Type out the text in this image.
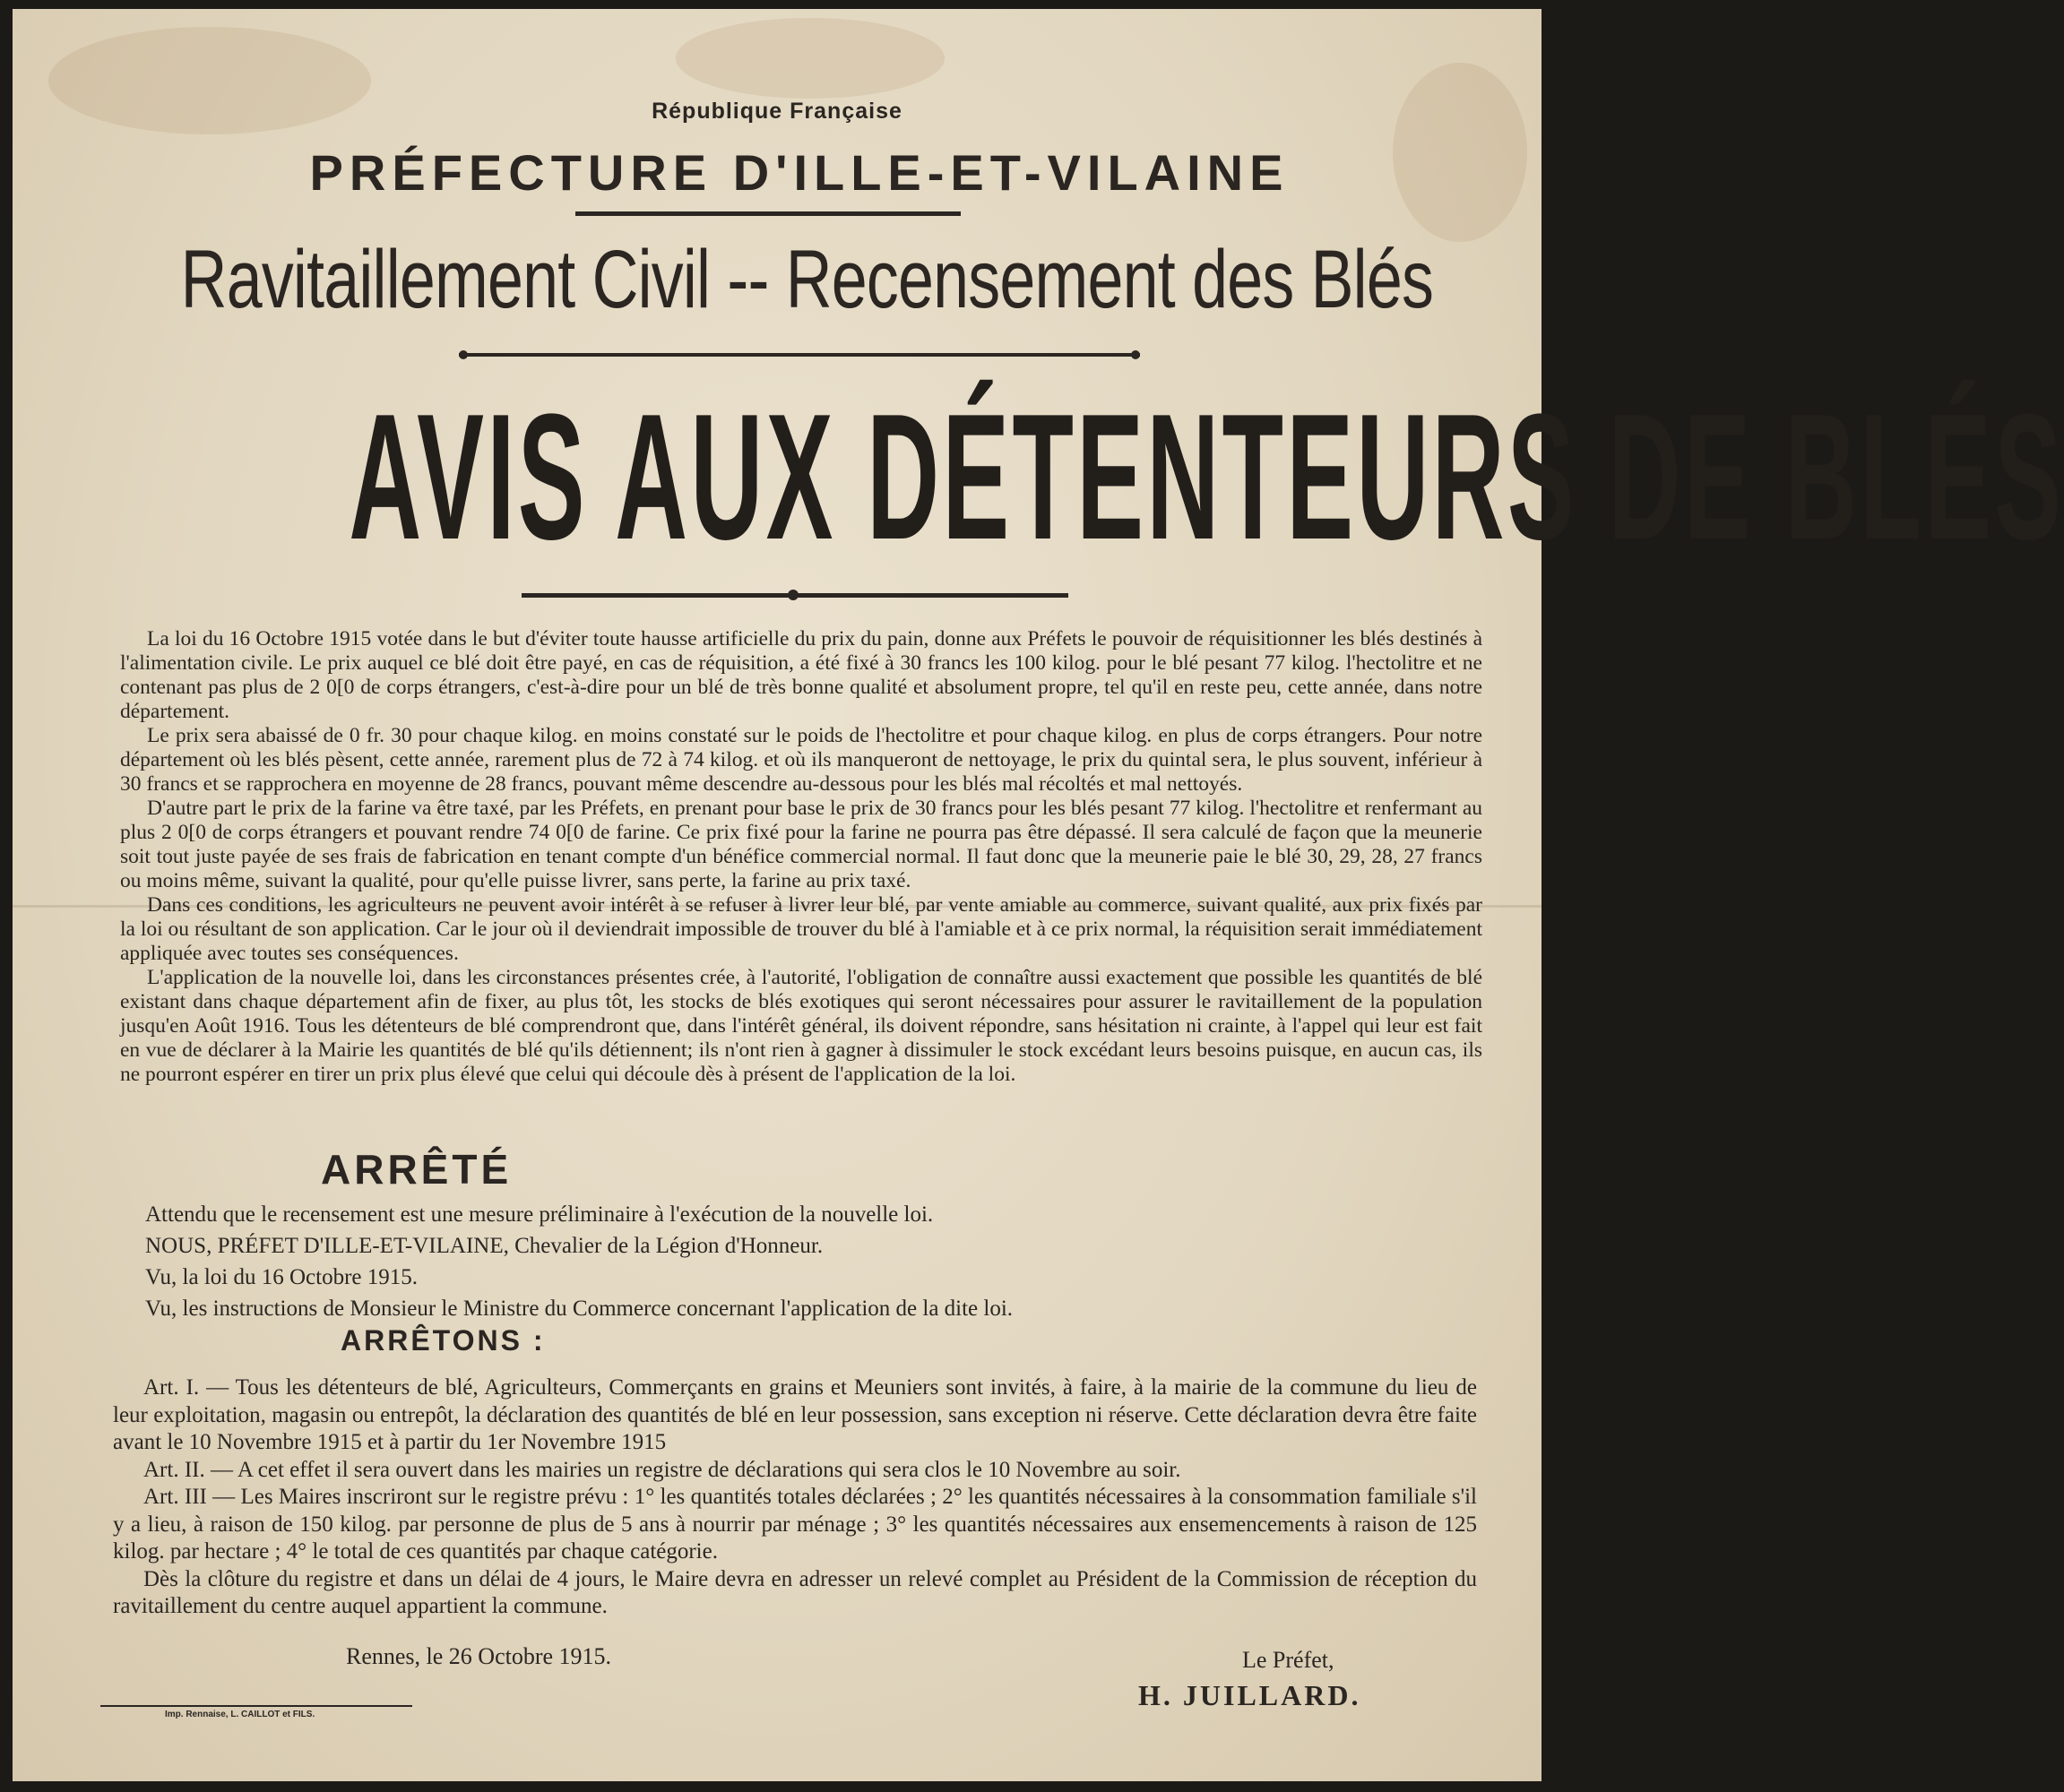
République Française
PRÉFECTURE D'ILLE-ET-VILAINE
Ravitaillement Civil -- Recensement des Blés
AVIS AUX DÉTENTEURS DE BLÉS

La loi du 16 Octobre 1915 votée dans le but d'éviter toute hausse artificielle du prix du pain, donne aux Préfets le pouvoir de réquisitionner les blés destinés à l'alimentation civile. Le prix auquel ce blé doit être payé, en cas de réquisition, a été fixé à 30 francs les 100 kilog. pour le blé pesant 77 kilog. l'hectolitre et ne contenant pas plus de 2 0[0 de corps étrangers, c'est-à-dire pour un blé de très bonne qualité et absolument propre, tel qu'il en reste peu, cette année, dans notre département.

Le prix sera abaissé de 0 fr. 30 pour chaque kilog. en moins constaté sur le poids de l'hectolitre et pour chaque kilog. en plus de corps étrangers. Pour notre département où les blés pèsent, cette année, rarement plus de 72 à 74 kilog. et où ils manqueront de nettoyage, le prix du quintal sera, le plus souvent, inférieur à 30 francs et se rapprochera en moyenne de 28 francs, pouvant même descendre au-dessous pour les blés mal récoltés et mal nettoyés.

D'autre part le prix de la farine va être taxé, par les Préfets, en prenant pour base le prix de 30 francs pour les blés pesant 77 kilog. l'hectolitre et renfermant au plus 2 0[0 de corps étrangers et pouvant rendre 74 0[0 de farine. Ce prix fixé pour la farine ne pourra pas être dépassé. Il sera calculé de façon que la meunerie soit tout juste payée de ses frais de fabrication en tenant compte d'un bénéfice commercial normal. Il faut donc que la meunerie paie le blé 30, 29, 28, 27 francs ou moins même, suivant la qualité, pour qu'elle puisse livrer, sans perte, la farine au prix taxé.

Dans ces conditions, les agriculteurs ne peuvent avoir intérêt à se refuser à livrer leur blé, par vente amiable au commerce, suivant qualité, aux prix fixés par la loi ou résultant de son application. Car le jour où il deviendrait impossible de trouver du blé à l'amiable et à ce prix normal, la réquisition serait immédiatement appliquée avec toutes ses conséquences.

L'application de la nouvelle loi, dans les circonstances présentes crée, à l'autorité, l'obligation de connaître aussi exactement que possible les quantités de blé existant dans chaque département afin de fixer, au plus tôt, les stocks de blés exotiques qui seront nécessaires pour assurer le ravitaillement de la population jusqu'en Août 1916. Tous les détenteurs de blé comprendront que, dans l'intérêt général, ils doivent répondre, sans hésitation ni crainte, à l'appel qui leur est fait en vue de déclarer à la Mairie les quantités de blé qu'ils détiennent; ils n'ont rien à gagner à dissimuler le stock excédant leurs besoins puisque, en aucun cas, ils ne pourront espérer en tirer un prix plus élevé que celui qui découle dès à présent de l'application de la loi.

ARRÊTÉ
Attendu que le recensement est une mesure préliminaire à l'exécution de la nouvelle loi.
NOUS, PRÉFET D'ILLE-ET-VILAINE, Chevalier de la Légion d'Honneur.
Vu, la loi du 16 Octobre 1915.
Vu, les instructions de Monsieur le Ministre du Commerce concernant l'application de la dite loi.
ARRÊTONS :

Art. I. — Tous les détenteurs de blé, Agriculteurs, Commerçants en grains et Meuniers sont invités, à faire, à la mairie de la commune du lieu de leur exploitation, magasin ou entrepôt, la déclaration des quantités de blé en leur possession, sans exception ni réserve. Cette déclaration devra être faite avant le 10 Novembre 1915 et à partir du 1er Novembre 1915

Art. II. — A cet effet il sera ouvert dans les mairies un registre de déclarations qui sera clos le 10 Novembre au soir.

Art. III — Les Maires inscriront sur le registre prévu : 1° les quantités totales déclarées ; 2° les quantités nécessaires à la consommation familiale s'il y a lieu, à raison de 150 kilog. par personne de plus de 5 ans à nourrir par ménage ; 3° les quantités nécessaires aux ensemencements à raison de 125 kilog. par hectare ; 4° le total de ces quantités par chaque catégorie.

Dès la clôture du registre et dans un délai de 4 jours, le Maire devra en adresser un relevé complet au Président de la Commission de réception du ravitaillement du centre auquel appartient la commune.

Rennes, le 26 Octobre 1915.	Le Préfet,
H. JUILLARD.
Imp. Rennaise, L. CAILLOT et FILS.
